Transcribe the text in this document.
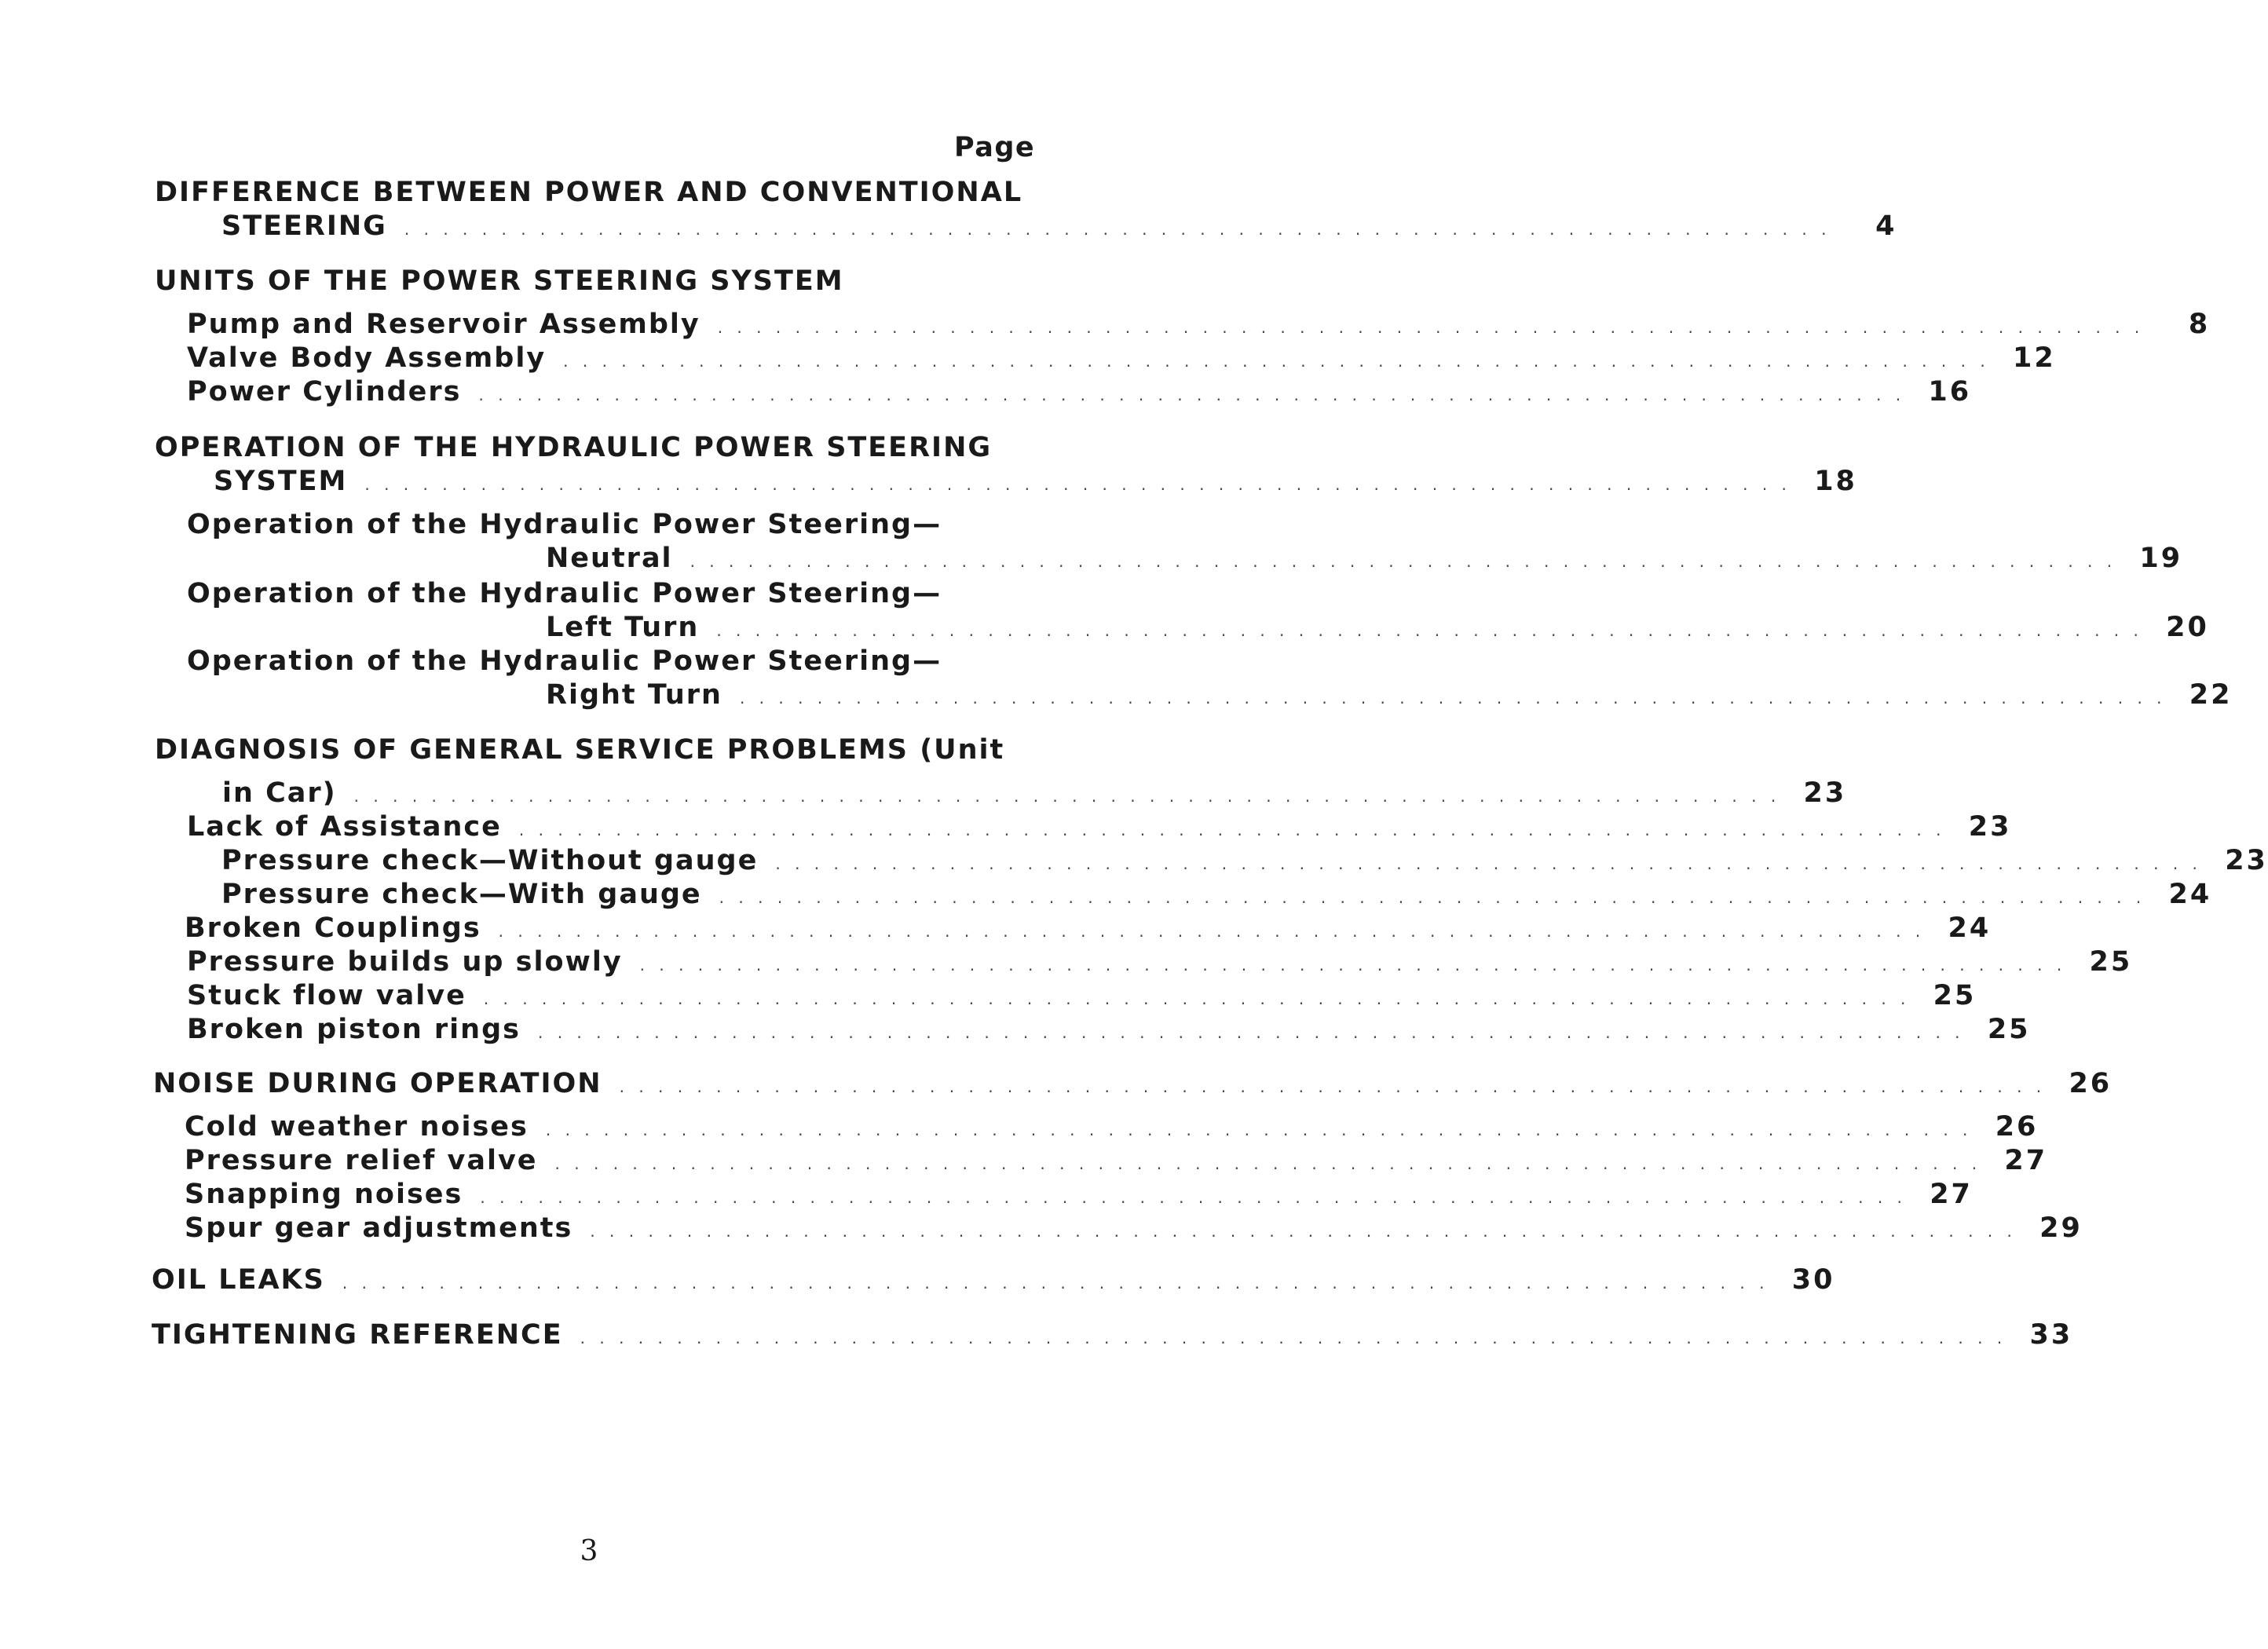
Page
DIFFERENCE BETWEEN POWER AND CONVENTIONAL
STEERING . . . . . . . . . . . . . . . . . . . . . . . . . . . . . . . . . . . . . . . . . . . . . . . . . . . . . . . . . . . . . . . . . . . . . . . . . .	4
UNITS OF THE POWER STEERING SYSTEM
Pump and Reservoir Assembly . . . . . . . . . . . . . . . . . . . . . . . . . . . . . . . . . . . . . . . . . . . . . . . . . . . . . . . . . . . . . . . . . . . . . . . . . .	8
Valve Body Assembly . . . . . . . . . . . . . . . . . . . . . . . . . . . . . . . . . . . . . . . . . . . . . . . . . . . . . . . . . . . . . . . . . . . . . . . . . . 12
Power Cylinders . . . . . . . . . . . . . . . . . . . . . . . . . . . . . . . . . . . . . . . . . . . . . . . . . . . . . . . . . . . . . . . . . . . . . . . . . . 16
OPERATION OF THE HYDRAULIC POWER STEERING
SYSTEM . . . . . . . . . . . . . . . . . . . . . . . . . . . . . . . . . . . . . . . . . . . . . . . . . . . . . . . . . . . . . . . . . . . . . . . . . . 18
Operation of the Hydraulic Power Steering—
Neutral . . . . . . . . . . . . . . . . . . . . . . . . . . . . . . . . . . . . . . . . . . . . . . . . . . . . . . . . . . . . . . . . . . . . . . . . . . 19
Operation of the Hydraulic Power Steering—
Left Turn . . . . . . . . . . . . . . . . . . . . . . . . . . . . . . . . . . . . . . . . . . . . . . . . . . . . . . . . . . . . . . . . . . . . . . . . . . 20
Operation of the Hydraulic Power Steering—
Right Turn . . . . . . . . . . . . . . . . . . . . . . . . . . . . . . . . . . . . . . . . . . . . . . . . . . . . . . . . . . . . . . . . . . . . . . . . . . 22
DIAGNOSIS OF GENERAL SERVICE PROBLEMS (Unit
in Car) . . . . . . . . . . . . . . . . . . . . . . . . . . . . . . . . . . . . . . . . . . . . . . . . . . . . . . . . . . . . . . . . . . . . . . . . . . 23
Lack of Assistance . . . . . . . . . . . . . . . . . . . . . . . . . . . . . . . . . . . . . . . . . . . . . . . . . . . . . . . . . . . . . . . . . . . . . . . . . . 23
Pressure check—Without gauge . . . . . . . . . . . . . . . . . . . . . . . . . . . . . . . . . . . . . . . . . . . . . . . . . . . . . . . . . . . . . . . . . . . . . . . . . . 23
Pressure check—With gauge . . . . . . . . . . . . . . . . . . . . . . . . . . . . . . . . . . . . . . . . . . . . . . . . . . . . . . . . . . . . . . . . . . . . . . . . . . 24
Broken Couplings . . . . . . . . . . . . . . . . . . . . . . . . . . . . . . . . . . . . . . . . . . . . . . . . . . . . . . . . . . . . . . . . . . . . . . . . . . 24
Pressure builds up slowly . . . . . . . . . . . . . . . . . . . . . . . . . . . . . . . . . . . . . . . . . . . . . . . . . . . . . . . . . . . . . . . . . . . . . . . . . . 25
Stuck flow valve . . . . . . . . . . . . . . . . . . . . . . . . . . . . . . . . . . . . . . . . . . . . . . . . . . . . . . . . . . . . . . . . . . . . . . . . . . 25
Broken piston rings . . . . . . . . . . . . . . . . . . . . . . . . . . . . . . . . . . . . . . . . . . . . . . . . . . . . . . . . . . . . . . . . . . . . . . . . . . 25
NOISE DURING OPERATION . . . . . . . . . . . . . . . . . . . . . . . . . . . . . . . . . . . . . . . . . . . . . . . . . . . . . . . . . . . . . . . . . . . . . . . . . . 26
Cold weather noises . . . . . . . . . . . . . . . . . . . . . . . . . . . . . . . . . . . . . . . . . . . . . . . . . . . . . . . . . . . . . . . . . . . . . . . . . . 26
Pressure relief valve . . . . . . . . . . . . . . . . . . . . . . . . . . . . . . . . . . . . . . . . . . . . . . . . . . . . . . . . . . . . . . . . . . . . . . . . . . 27
Snapping noises . . . . . . . . . . . . . . . . . . . . . . . . . . . . . . . . . . . . . . . . . . . . . . . . . . . . . . . . . . . . . . . . . . . . . . . . . . 27
Spur gear adjustments . . . . . . . . . . . . . . . . . . . . . . . . . . . . . . . . . . . . . . . . . . . . . . . . . . . . . . . . . . . . . . . . . . . . . . . . . . 29
OIL LEAKS . . . . . . . . . . . . . . . . . . . . . . . . . . . . . . . . . . . . . . . . . . . . . . . . . . . . . . . . . . . . . . . . . . . . . . . . . . 30
TIGHTENING REFERENCE . . . . . . . . . . . . . . . . . . . . . . . . . . . . . . . . . . . . . . . . . . . . . . . . . . . . . . . . . . . . . . . . . . . . . . . . . . 33
3
